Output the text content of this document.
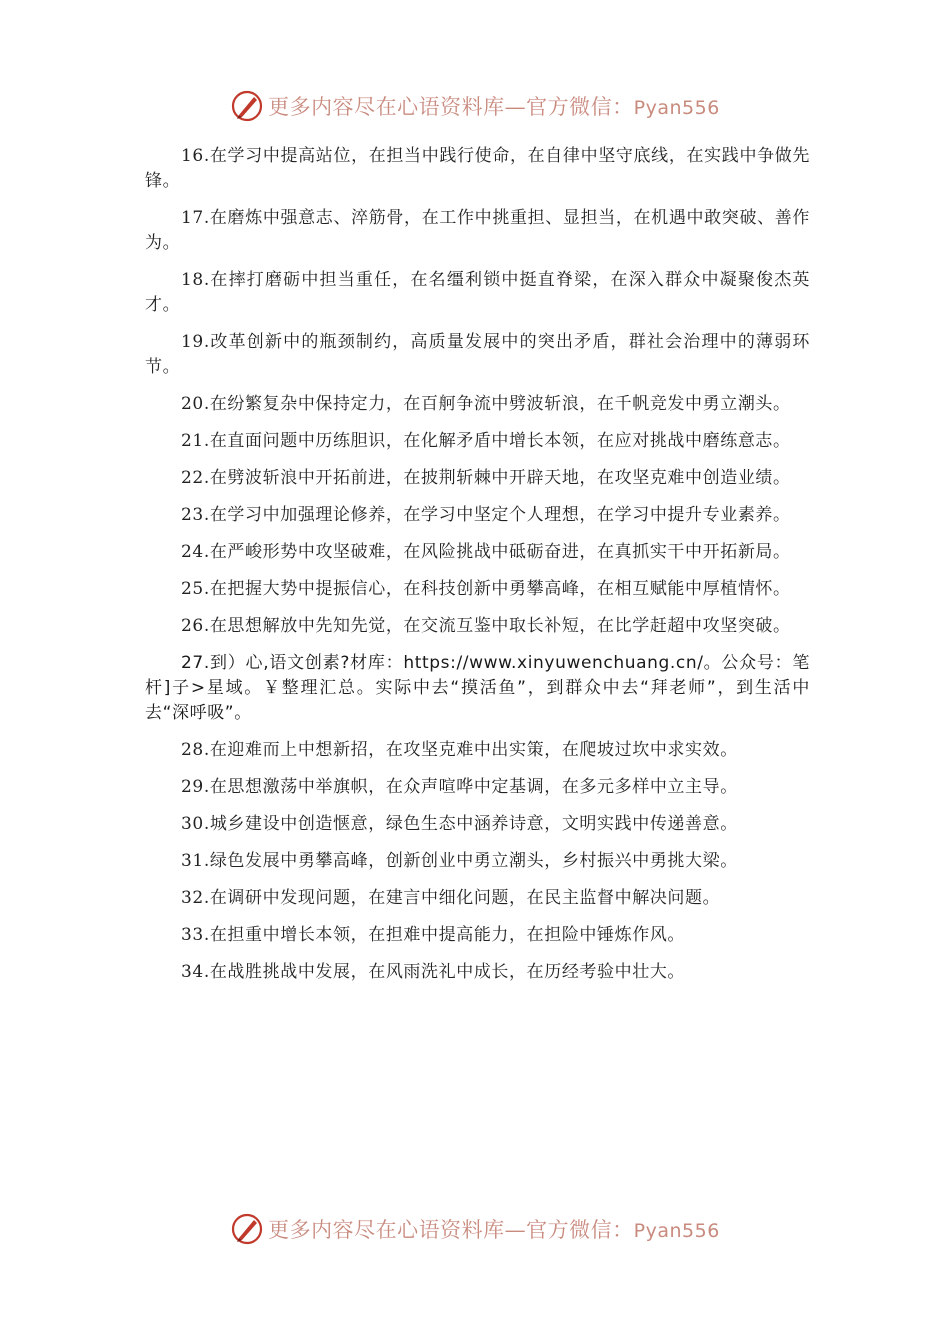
更多内容尽在心语资料库—官方微信：Pyan556

16.在学习中提高站位，在担当中践行使命，在自律中坚守底线，在实践中争做先锋。

17.在磨炼中强意志、淬筋骨，在工作中挑重担、显担当，在机遇中敢突破、善作为。

18.在摔打磨砺中担当重任，在名缰利锁中挺直脊梁，在深入群众中凝聚俊杰英才。

19.改革创新中的瓶颈制约，高质量发展中的突出矛盾，群社会治理中的薄弱环节。

20.在纷繁复杂中保持定力，在百舸争流中劈波斩浪，在千帆竞发中勇立潮头。

21.在直面问题中历练胆识，在化解矛盾中增长本领，在应对挑战中磨练意志。

22.在劈波斩浪中开拓前进，在披荆斩棘中开辟天地，在攻坚克难中创造业绩。

23.在学习中加强理论修养，在学习中坚定个人理想，在学习中提升专业素养。

24.在严峻形势中攻坚破难，在风险挑战中砥砺奋进，在真抓实干中开拓新局。

25.在把握大势中提振信心，在科技创新中勇攀高峰，在相互赋能中厚植情怀。

26.在思想解放中先知先觉，在交流互鉴中取长补短，在比学赶超中攻坚突破。

27.到）心,语文创素?材库：https://www.xinyuwenchuang.cn/。公众号：笔杆]子>星域。￥整理汇总。实际中去“摸活鱼”，到群众中去“拜老师”，到生活中去“深呼吸”。

28.在迎难而上中想新招，在攻坚克难中出实策，在爬坡过坎中求实效。

29.在思想激荡中举旗帜，在众声喧哗中定基调，在多元多样中立主导。

30.城乡建设中创造惬意，绿色生态中涵养诗意，文明实践中传递善意。

31.绿色发展中勇攀高峰，创新创业中勇立潮头，乡村振兴中勇挑大梁。

32.在调研中发现问题，在建言中细化问题，在民主监督中解决问题。

33.在担重中增长本领，在担难中提高能力，在担险中锤炼作风。

34.在战胜挑战中发展，在风雨洗礼中成长，在历经考验中壮大。

更多内容尽在心语资料库—官方微信：Pyan556
